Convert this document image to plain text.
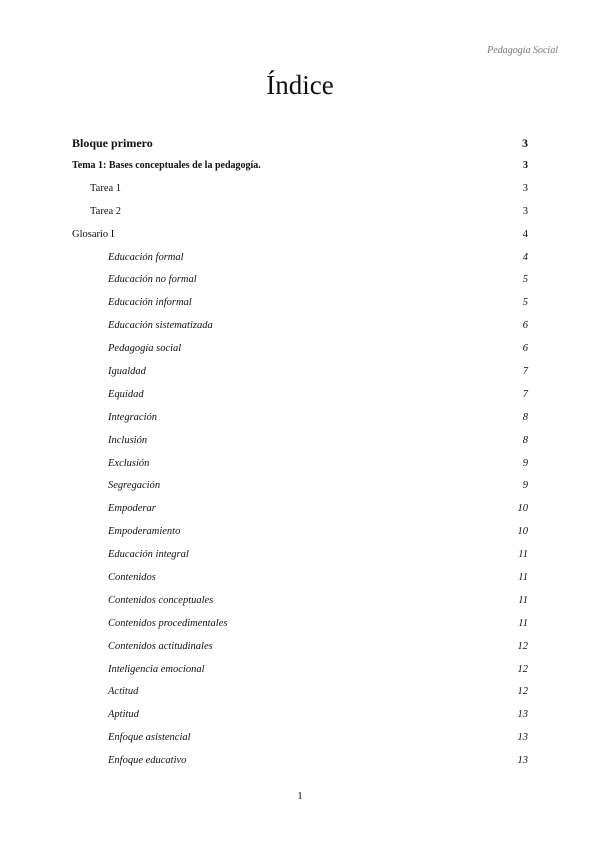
Pedagogía Social
Índice
Bloque primero	3
Tema 1: Bases conceptuales de la pedagogía.	3
Tarea 1	3
Tarea 2	3
Glosario I	4
Educación formal	4
Educación no formal	5
Educación informal	5
Educación sistematizada	6
Pedagogía social	6
Igualdad	7
Equidad	7
Integración	8
Inclusión	8
Exclusión	9
Segregación	9
Empoderar	10
Empoderamiento	10
Educación integral	11
Contenidos	11
Contenidos conceptuales	11
Contenidos procedimentales	11
Contenidos actitudinales	12
Inteligencia emocional	12
Actitud	12
Aptitud	13
Enfoque asistencial	13
Enfoque educativo	13
1
